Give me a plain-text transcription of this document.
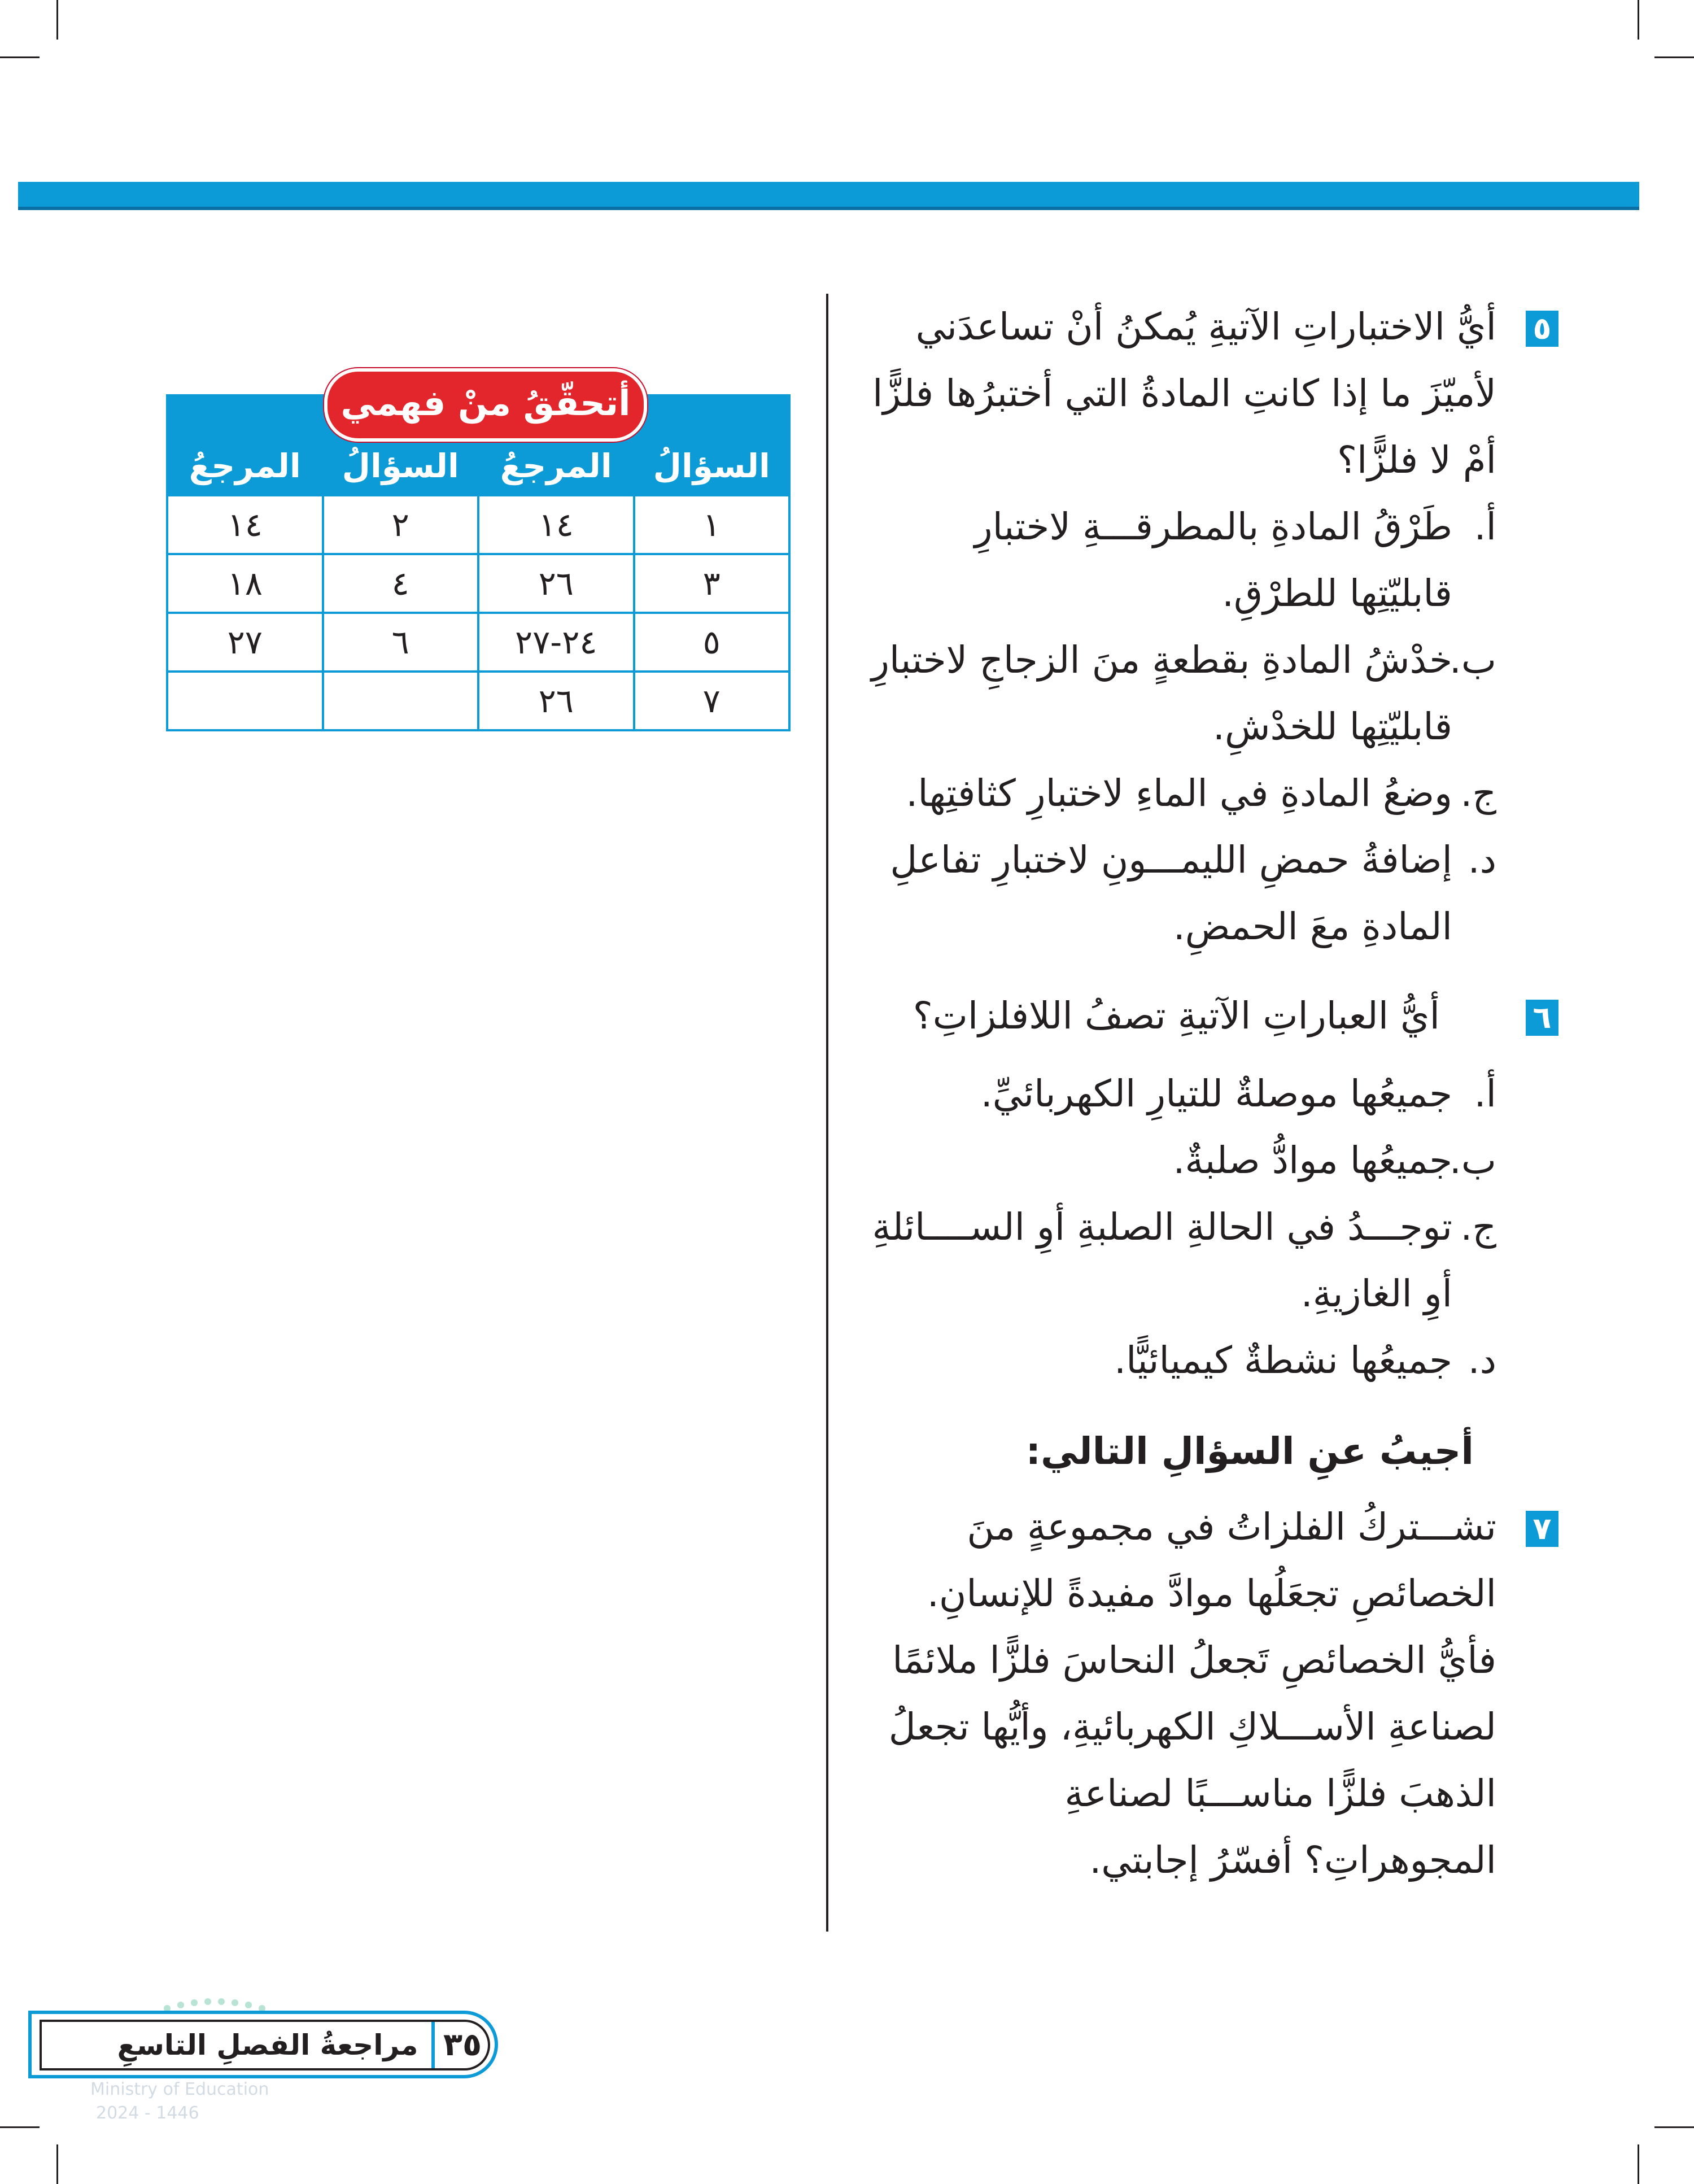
٥

أيُّ الاختباراتِ الآتيةِ يُمكنُ أنْ تساعدَني لأميّزَ ما إذا كانتِ المادةُ التي أختبرُها فلزًّا أمْ لا فلزًّا؟

أ.
طَرْقُ المادةِ بالمطرقـــةِ لاختبارِ قابليّتِها للطرْقِ.
ب.
خدْشُ المادةِ بقطعةٍ منَ الزجاجِ لاختبارِ قابليّتِها للخدْشِ.
ج.
وضعُ المادةِ في الماءِ لاختبارِ كثافتِها.
د.
إضافةُ حمضِ الليمـــونِ لاختبارِ تفاعلِ المادةِ معَ الحمضِ.
٦

أيُّ العباراتِ الآتيةِ تصفُ اللافلزاتِ؟

أ.
جميعُها موصلةٌ للتيارِ الكهربائيِّ.
ب.
جميعُها موادُّ صلبةٌ.
ج.
توجـــدُ في الحالةِ الصلبةِ أوِ الســــائلةِ أوِ الغازيةِ.
د.
جميعُها نشطةٌ كيميائيًّا.
أجيبُ عنِ السؤالِ التالي:
٧

تشـــتركُ الفلزاتُ في مجموعةٍ منَ الخصائصِ تجعَلُها موادَّ مفيدةً للإنسانِ. فأيُّ الخصائصِ تَجعلُ النحاسَ فلزًّا ملائمًا لصناعةِ الأســـلاكِ الكهربائيةِ، وأيُّها تجعلُ الذهبَ فلزًّا مناســـبًا لصناعةِ المجوهراتِ؟ أفسّرُ إجابتي.

أتحقّقُ منْ فهمي
السؤالُ	المرجعُ	السؤالُ	المرجعُ
١	١٤	٢	١٤
٣	٢٦	٤	١٨
٥	٢٤-٢٧	٦	٢٧
٧	٢٦		
Ministry of Education
2024 - 1446
مراجعةُ الفصلِ التاسعِ ٣٥
